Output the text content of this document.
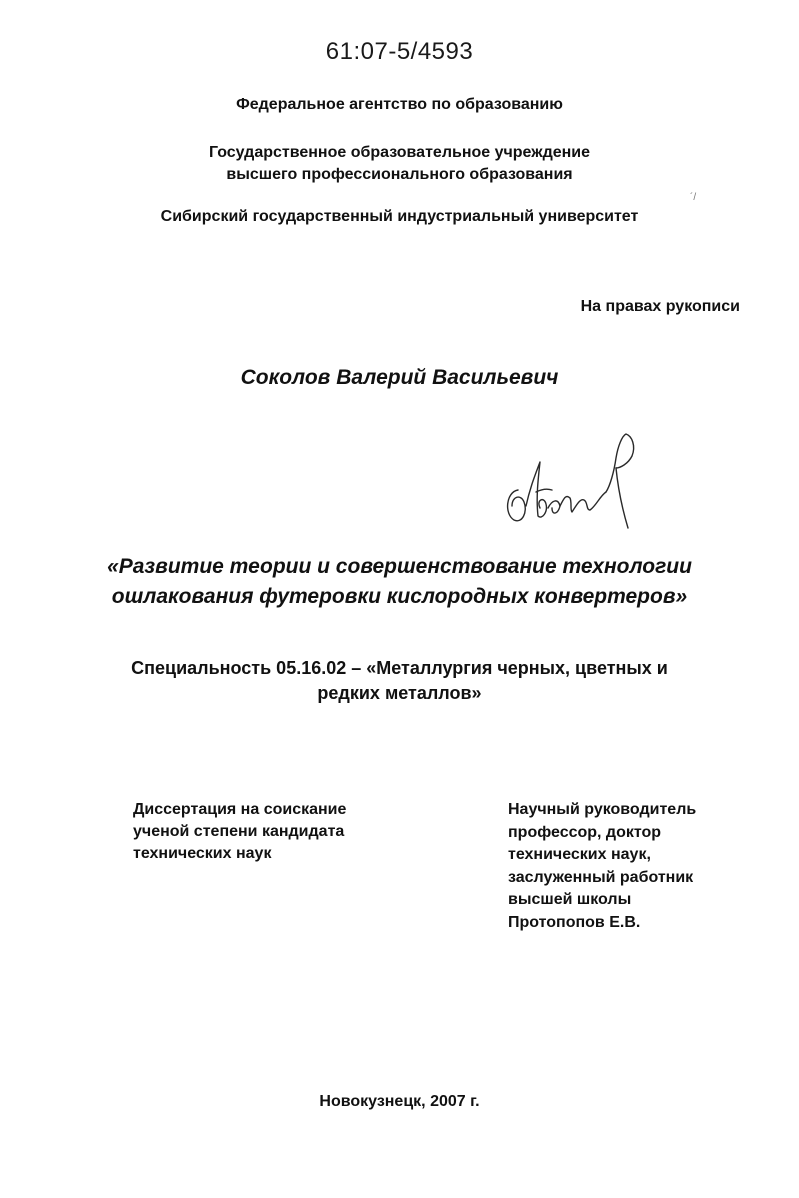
61:07-5/4593
Федеральное агентство по образованию
Государственное образовательное учреждение
высшего профессионального образования
Сибирский государственный индустриальный университет
´/
На правах рукописи
Соколов Валерий Васильевич
«Развитие теории и совершенствование технологии
ошлакования футеровки кислородных конвертеров»
Специальность 05.16.02 – «Металлургия черных, цветных и
редких металлов»
Диссертация на соискание
ученой степени кандидата
технических наук
Научный руководитель
профессор, доктор
технических наук,
заслуженный работник
высшей школы
Протопопов Е.В.
Новокузнецк, 2007 г.
